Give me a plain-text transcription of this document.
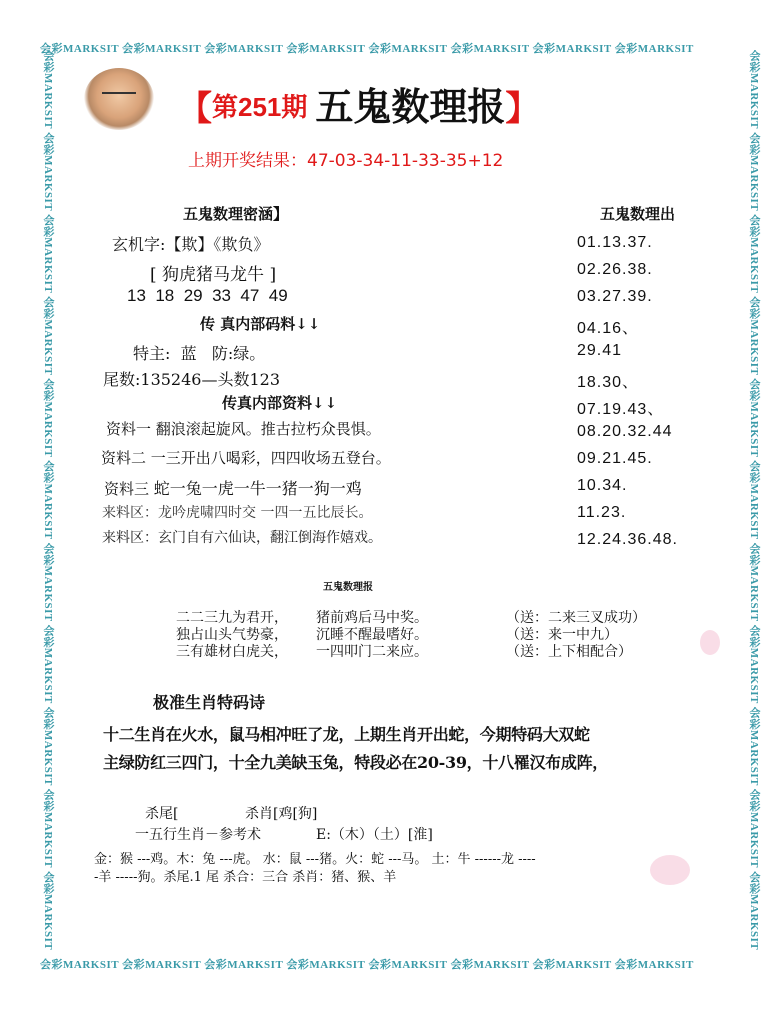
会彩MARKSIT 会彩MARKSIT 会彩MARKSIT 会彩MARKSIT 会彩MARKSIT 会彩MARKSIT 会彩MARKSIT 会彩MARKSIT
会彩MARKSIT 会彩MARKSIT 会彩MARKSIT 会彩MARKSIT 会彩MARKSIT 会彩MARKSIT 会彩MARKSIT 会彩MARKSIT
会彩MARKSIT 会彩MARKSIT 会彩MARKSIT 会彩MARKSIT 会彩MARKSIT 会彩MARKSIT 会彩MARKSIT 会彩MARKSIT 会彩MARKSIT 会彩MARKSIT 会彩MARKSIT	会彩MARKSIT 会彩MARKSIT 会彩MARKSIT 会彩MARKSIT 会彩MARKSIT 会彩MARKSIT 会彩MARKSIT 会彩MARKSIT 会彩MARKSIT 会彩MARKSIT 会彩MARKSIT
【第251期 五鬼数理报】
上期开奖结果：47-03-34-11-33-35+12
五鬼数理密涵】
玄机字:【欺】《欺负》
[ 狗虎猪马龙牛 ]
13  18  29  33  47  49
传 真内部码料↓↓
特主:  蓝   防:绿。
尾数:135246—头数123
传真内部资料↓↓
资料一 翻浪滚起旋风。推古拉朽众畏惧。
资料二 一三开出八喝彩，四四收场五登台。
资料三 蛇一兔一虎一牛一猪一狗一鸡
来料区：龙吟虎啸四时交 一四一五比辰长。
来料区：玄门自有六仙诀，翻江倒海作嬉戏。
五鬼数理出
01.13.37.
02.26.38.
03.27.39.
04.16、
29.41
18.30、
07.19.43、
08.20.32.44
09.21.45.
10.34.
11.23.
12.24.36.48.
五鬼数理报
二二三九为君开， 猪前鸡后马中奖。	（送：二来三叉成功）
独占山头气势豪， 沉睡不醒最嗜好。	（送：来一中九）
三有雄材白虎关， 一四叩门二来应。	（送：上下相配合）
极准生肖特码诗
十二生肖在火水，鼠马相冲旺了龙，上期生肖开出蛇，今期特码大双蛇
主绿防红三四门，十全九美缺玉兔，特段必在20-39，十八罹汉布成阵，
杀尾[	杀肖[鸡[狗]
一五行生肖－参考术	E:（木）（土）[淮]
金：猴 ---鸡。木：兔 ---虎。 水：鼠 ---猪。火：蛇 ---马。 土：牛 ------龙 ----
-羊 -----狗。杀尾.1 尾 杀合：三合 杀肖：猪、猴、羊
